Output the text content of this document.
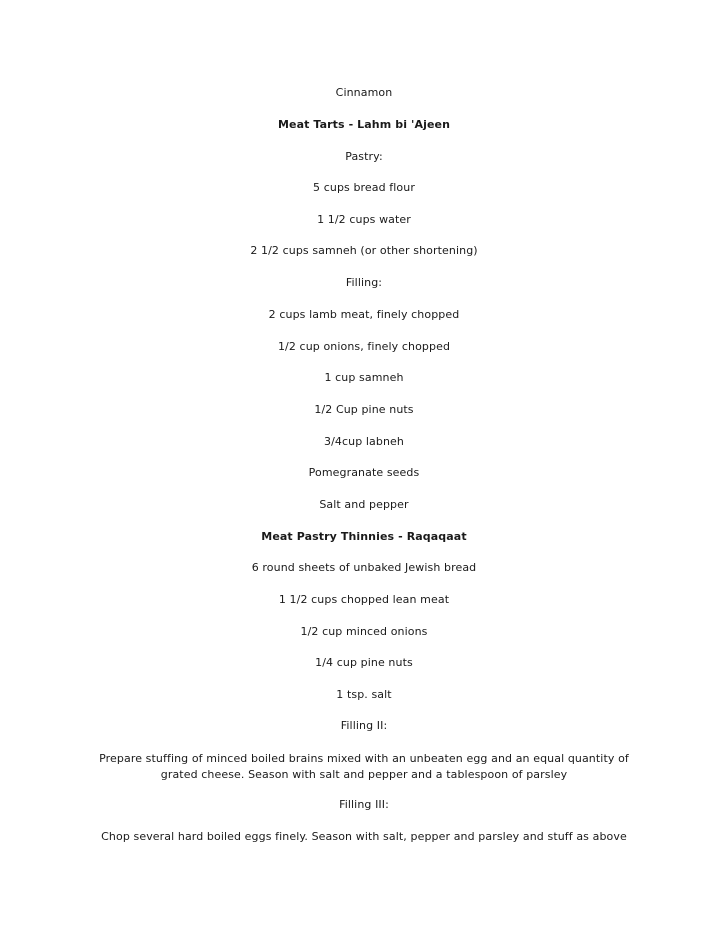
Cinnamon
Meat Tarts - Lahm bi 'Ajeen
Pastry:
5 cups bread flour
1 1/2 cups water
2 1/2 cups samneh (or other shortening)
Filling:
2 cups lamb meat, finely chopped
1/2 cup onions, finely chopped
1 cup samneh
1/2 Cup pine nuts
3/4cup labneh
Pomegranate seeds
Salt and pepper
Meat Pastry Thinnies - Raqaqaat
6 round sheets of unbaked Jewish bread
1 1/2 cups chopped lean meat
1/2 cup minced onions
1/4 cup pine nuts
1 tsp. salt
Filling II:
Prepare stuffing of minced boiled brains mixed with an unbeaten egg and an equal quantity of grated cheese. Season with salt and pepper and a tablespoon of parsley
Filling III:
Chop several hard boiled eggs finely. Season with salt, pepper and parsley and stuff as above
